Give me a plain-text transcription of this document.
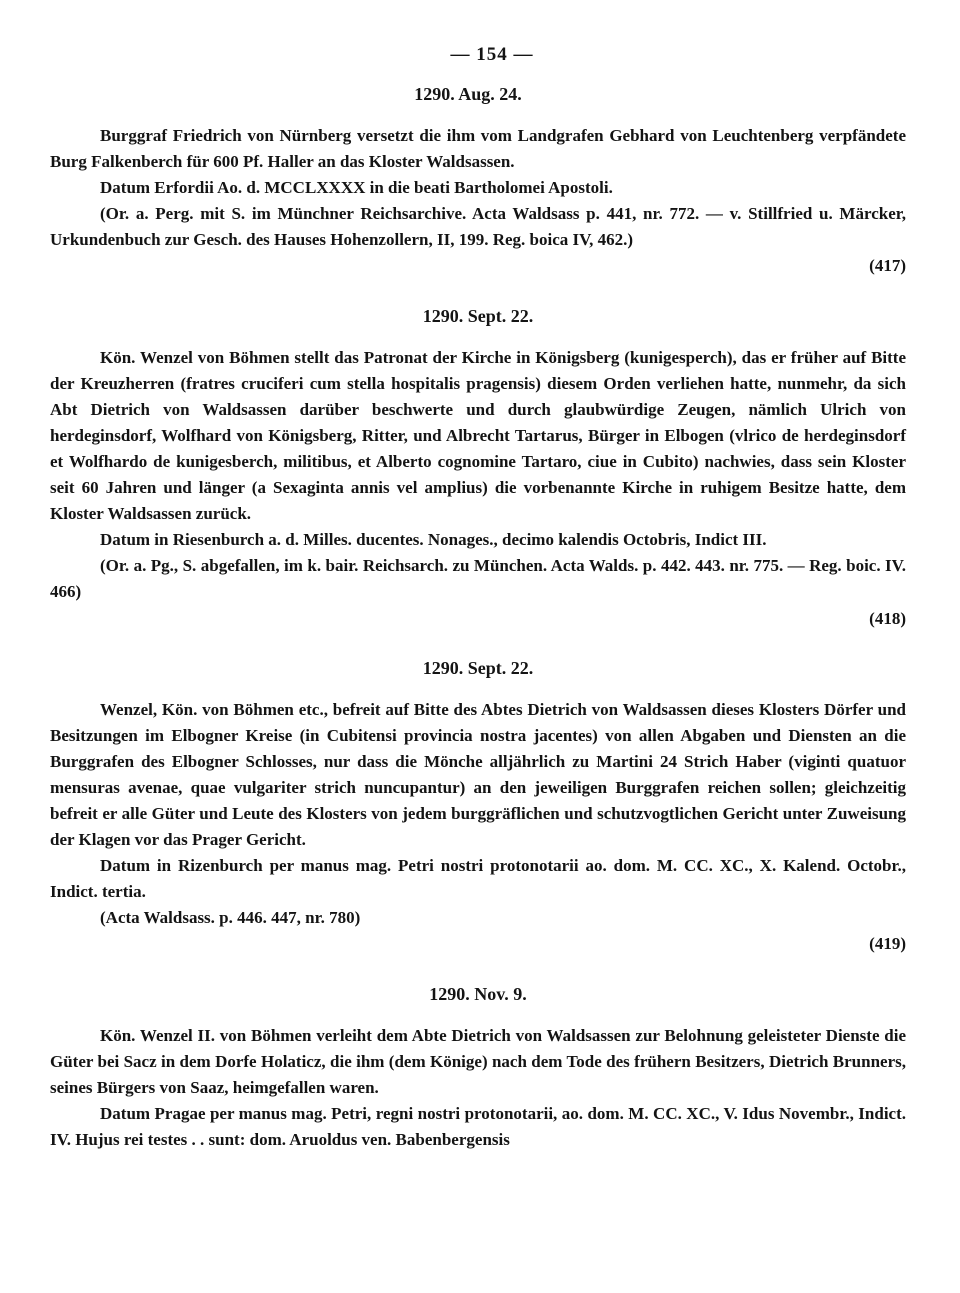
— 154 —
1290. Aug. 24.

Burggraf Friedrich von Nürnberg versetzt die ihm vom Landgrafen Gebhard von Leuchtenberg verpfändete Burg Falkenberch für 600 Pf. Haller an das Kloster Waldsassen.

Datum Erfordii Ao. d. MCCLXXXX in die beati Bartholomei Apostoli.

(Or. a. Perg. mit S. im Münchner Reichsarchive. Acta Waldsass p. 441, nr. 772. — v. Stillfried u. Märcker, Urkundenbuch zur Gesch. des Hauses Hohenzollern, II, 199. Reg. boica IV, 462.)

(417)

1290. Sept. 22.

Kön. Wenzel von Böhmen stellt das Patronat der Kirche in Königsberg (kunigesperch), das er früher auf Bitte der Kreuzherren (fratres cruciferi cum stella hospitalis pragensis) diesem Orden verliehen hatte, nunmehr, da sich Abt Dietrich von Waldsassen darüber beschwerte und durch glaubwürdige Zeugen, nämlich Ulrich von herdeginsdorf, Wolfhard von Königsberg, Ritter, und Albrecht Tartarus, Bürger in Elbogen (vlrico de herdeginsdorf et Wolfhardo de kunigesberch, militibus, et Alberto cognomine Tartaro, ciue in Cubito) nachwies, dass sein Kloster seit 60 Jahren und länger (a Sexaginta annis vel amplius) die vorbenannte Kirche in ruhigem Besitze hatte, dem Kloster Waldsassen zurück.

Datum in Riesenburch a. d. Milles. ducentes. Nonages., decimo kalendis Octobris, Indict III.

(Or. a. Pg., S. abgefallen, im k. bair. Reichsarch. zu München. Acta Walds. p. 442. 443. nr. 775. — Reg. boic. IV. 466)

(418)

1290. Sept. 22.

Wenzel, Kön. von Böhmen etc., befreit auf Bitte des Abtes Dietrich von Waldsassen dieses Klosters Dörfer und Besitzungen im Elbogner Kreise (in Cubitensi provincia nostra jacentes) von allen Abgaben und Diensten an die Burggrafen des Elbogner Schlosses, nur dass die Mönche alljährlich zu Martini 24 Strich Haber (viginti quatuor mensuras avenae, quae vulgariter strich nuncupantur) an den jeweiligen Burggrafen reichen sollen; gleichzeitig befreit er alle Güter und Leute des Klosters von jedem burggräflichen und schutzvogtlichen Gericht unter Zuweisung der Klagen vor das Prager Gericht.

Datum in Rizenburch per manus mag. Petri nostri protonotarii ao. dom. M. CC. XC., X. Kalend. Octobr., Indict. tertia.

(Acta Waldsass. p. 446. 447, nr. 780)

(419)

1290. Nov. 9.

Kön. Wenzel II. von Böhmen verleiht dem Abte Dietrich von Waldsassen zur Belohnung geleisteter Dienste die Güter bei Sacz in dem Dorfe Holaticz, die ihm (dem Könige) nach dem Tode des frühern Besitzers, Dietrich Brunners, seines Bürgers von Saaz, heimgefallen waren.

Datum Pragae per manus mag. Petri, regni nostri protonotarii, ao. dom. M. CC. XC., V. Idus Novembr., Indict. IV. Hujus rei testes . . sunt: dom. Aruoldus ven. Babenbergensis
